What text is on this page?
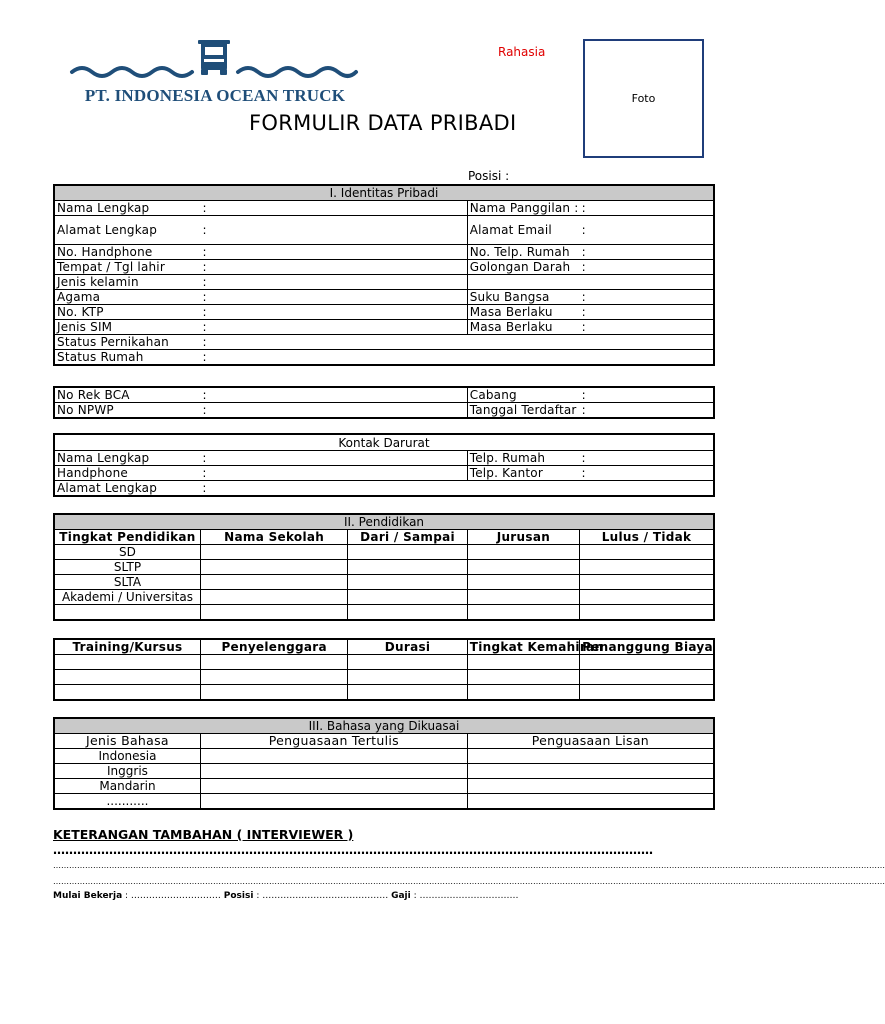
PT. INDONESIA OCEAN TRUCK
Rahasia
Foto
FORMULIR DATA PRIBADI
Posisi :
I. Identitas Pribadi			
Nama Lengkap	:	Nama Panggilan :	:
Alamat Lengkap	:	Alamat Email	:
No. Handphone	:	No. Telp. Rumah	:
Tempat / Tgl lahir	:	Golongan Darah	:
Jenis kelamin	:		
Agama	:	Suku Bangsa	:
No. KTP	:	Masa Berlaku	:
Jenis SIM	:	Masa Berlaku	:
Status Pernikahan	:		
Status Rumah	:		
No Rek BCA	:	Cabang	:
No NPWP	:	Tanggal Terdaftar	:
Kontak Darurat			
Nama Lengkap	:	Telp. Rumah	:
Handphone	:	Telp. Kantor	:
Alamat Lengkap	:		
II. Pendidikan				
Tingkat Pendidikan	Nama Sekolah	Dari / Sampai	Jurusan	Lulus / Tidak
SD				
SLTP				
SLTA				
Akademi / Universitas				

Training/Kursus	Penyelenggara	Durasi	Tingkat Kemahiran	Penanggung Biaya

III. Bahasa yang Dikuasai		
Jenis Bahasa	Penguasaan Tertulis	Penguasaan Lisan
Indonesia		
Inggris		
Mandarin		
...........		
KETERANGAN TAMBAHAN ( INTERVIEWER )
……………………………………………………………………………………………………………………………………
……………………………………………………………………………………………………………………………………………………………………………………………………………………………………………………………………………………
……………………………………………………………………………………………………………………………………………………………………………………………………………………………………………………………………………………
Mulai Bekerja : ………………………… Posisi : …………………………………… Gaji : ……………………………
